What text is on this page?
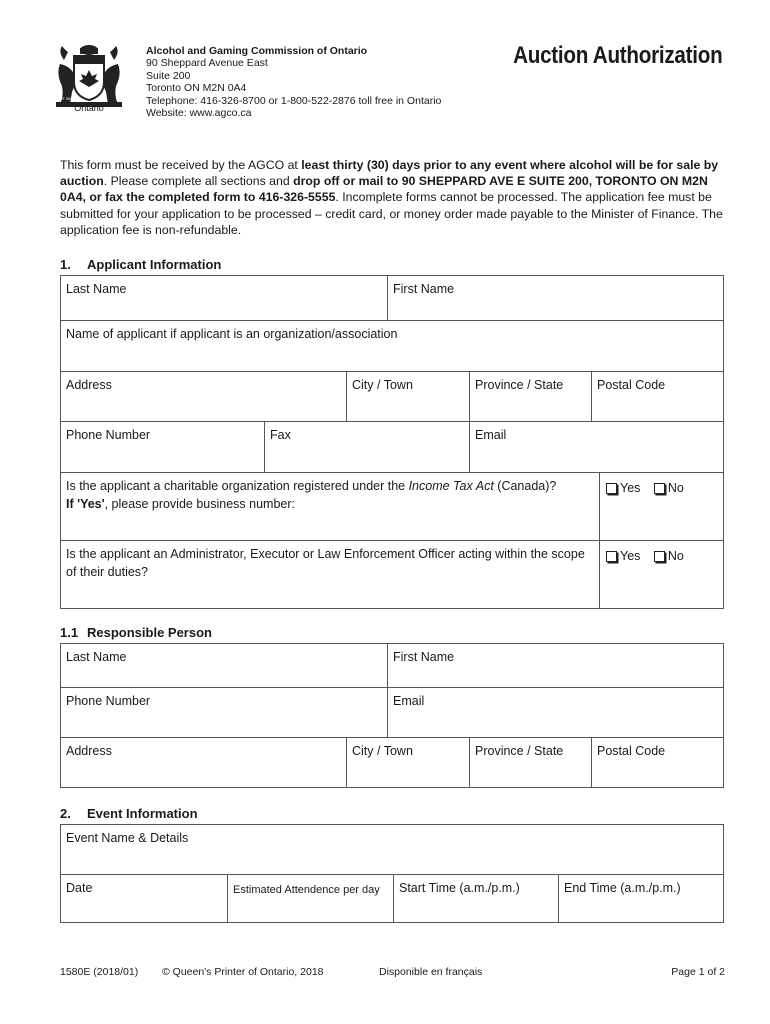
UT INCEPIT
Ontario
Alcohol and Gaming Commission of Ontario
90 Sheppard Avenue East
Suite 200
Toronto ON M2N 0A4
Telephone: 416-326-8700 or 1-800-522-2876 toll free in Ontario
Website: www.agco.ca
Auction Authorization
This form must be received by the AGCO at least thirty (30) days prior to any event where alcohol will be for sale by auction. Please complete all sections and drop off or mail to 90 SHEPPARD AVE E SUITE 200, TORONTO ON M2N 0A4, or fax the completed form to 416-326-5555. Incomplete forms cannot be processed. The application fee must be submitted for your application to be processed – credit card, or money order made payable to the Minister of Finance. The application fee is non-refundable.
1. Applicant Information
Last Name	First Name
Name of applicant if applicant is an organization/association
Address	City / Town	Province / State	Postal Code
Phone Number	Fax	Email
Is the applicant a charitable organization registered under the Income Tax Act (Canada)?
If 'Yes', please provide business number:
Yes
No
Is the applicant an Administrator, Executor or Law Enforcement Officer acting within the scope of their duties?
Yes
No
1.1 Responsible Person
Last Name	First Name
Phone Number	Email
Address	City / Town	Province / State	Postal Code
2. Event Information
Event Name & Details
Date	Estimated Attendence per day	Start Time (a.m./p.m.)	End Time (a.m./p.m.)
1580E (2018/01) © Queen's Printer of Ontario, 2018	Disponible en français	Page 1 of 2
